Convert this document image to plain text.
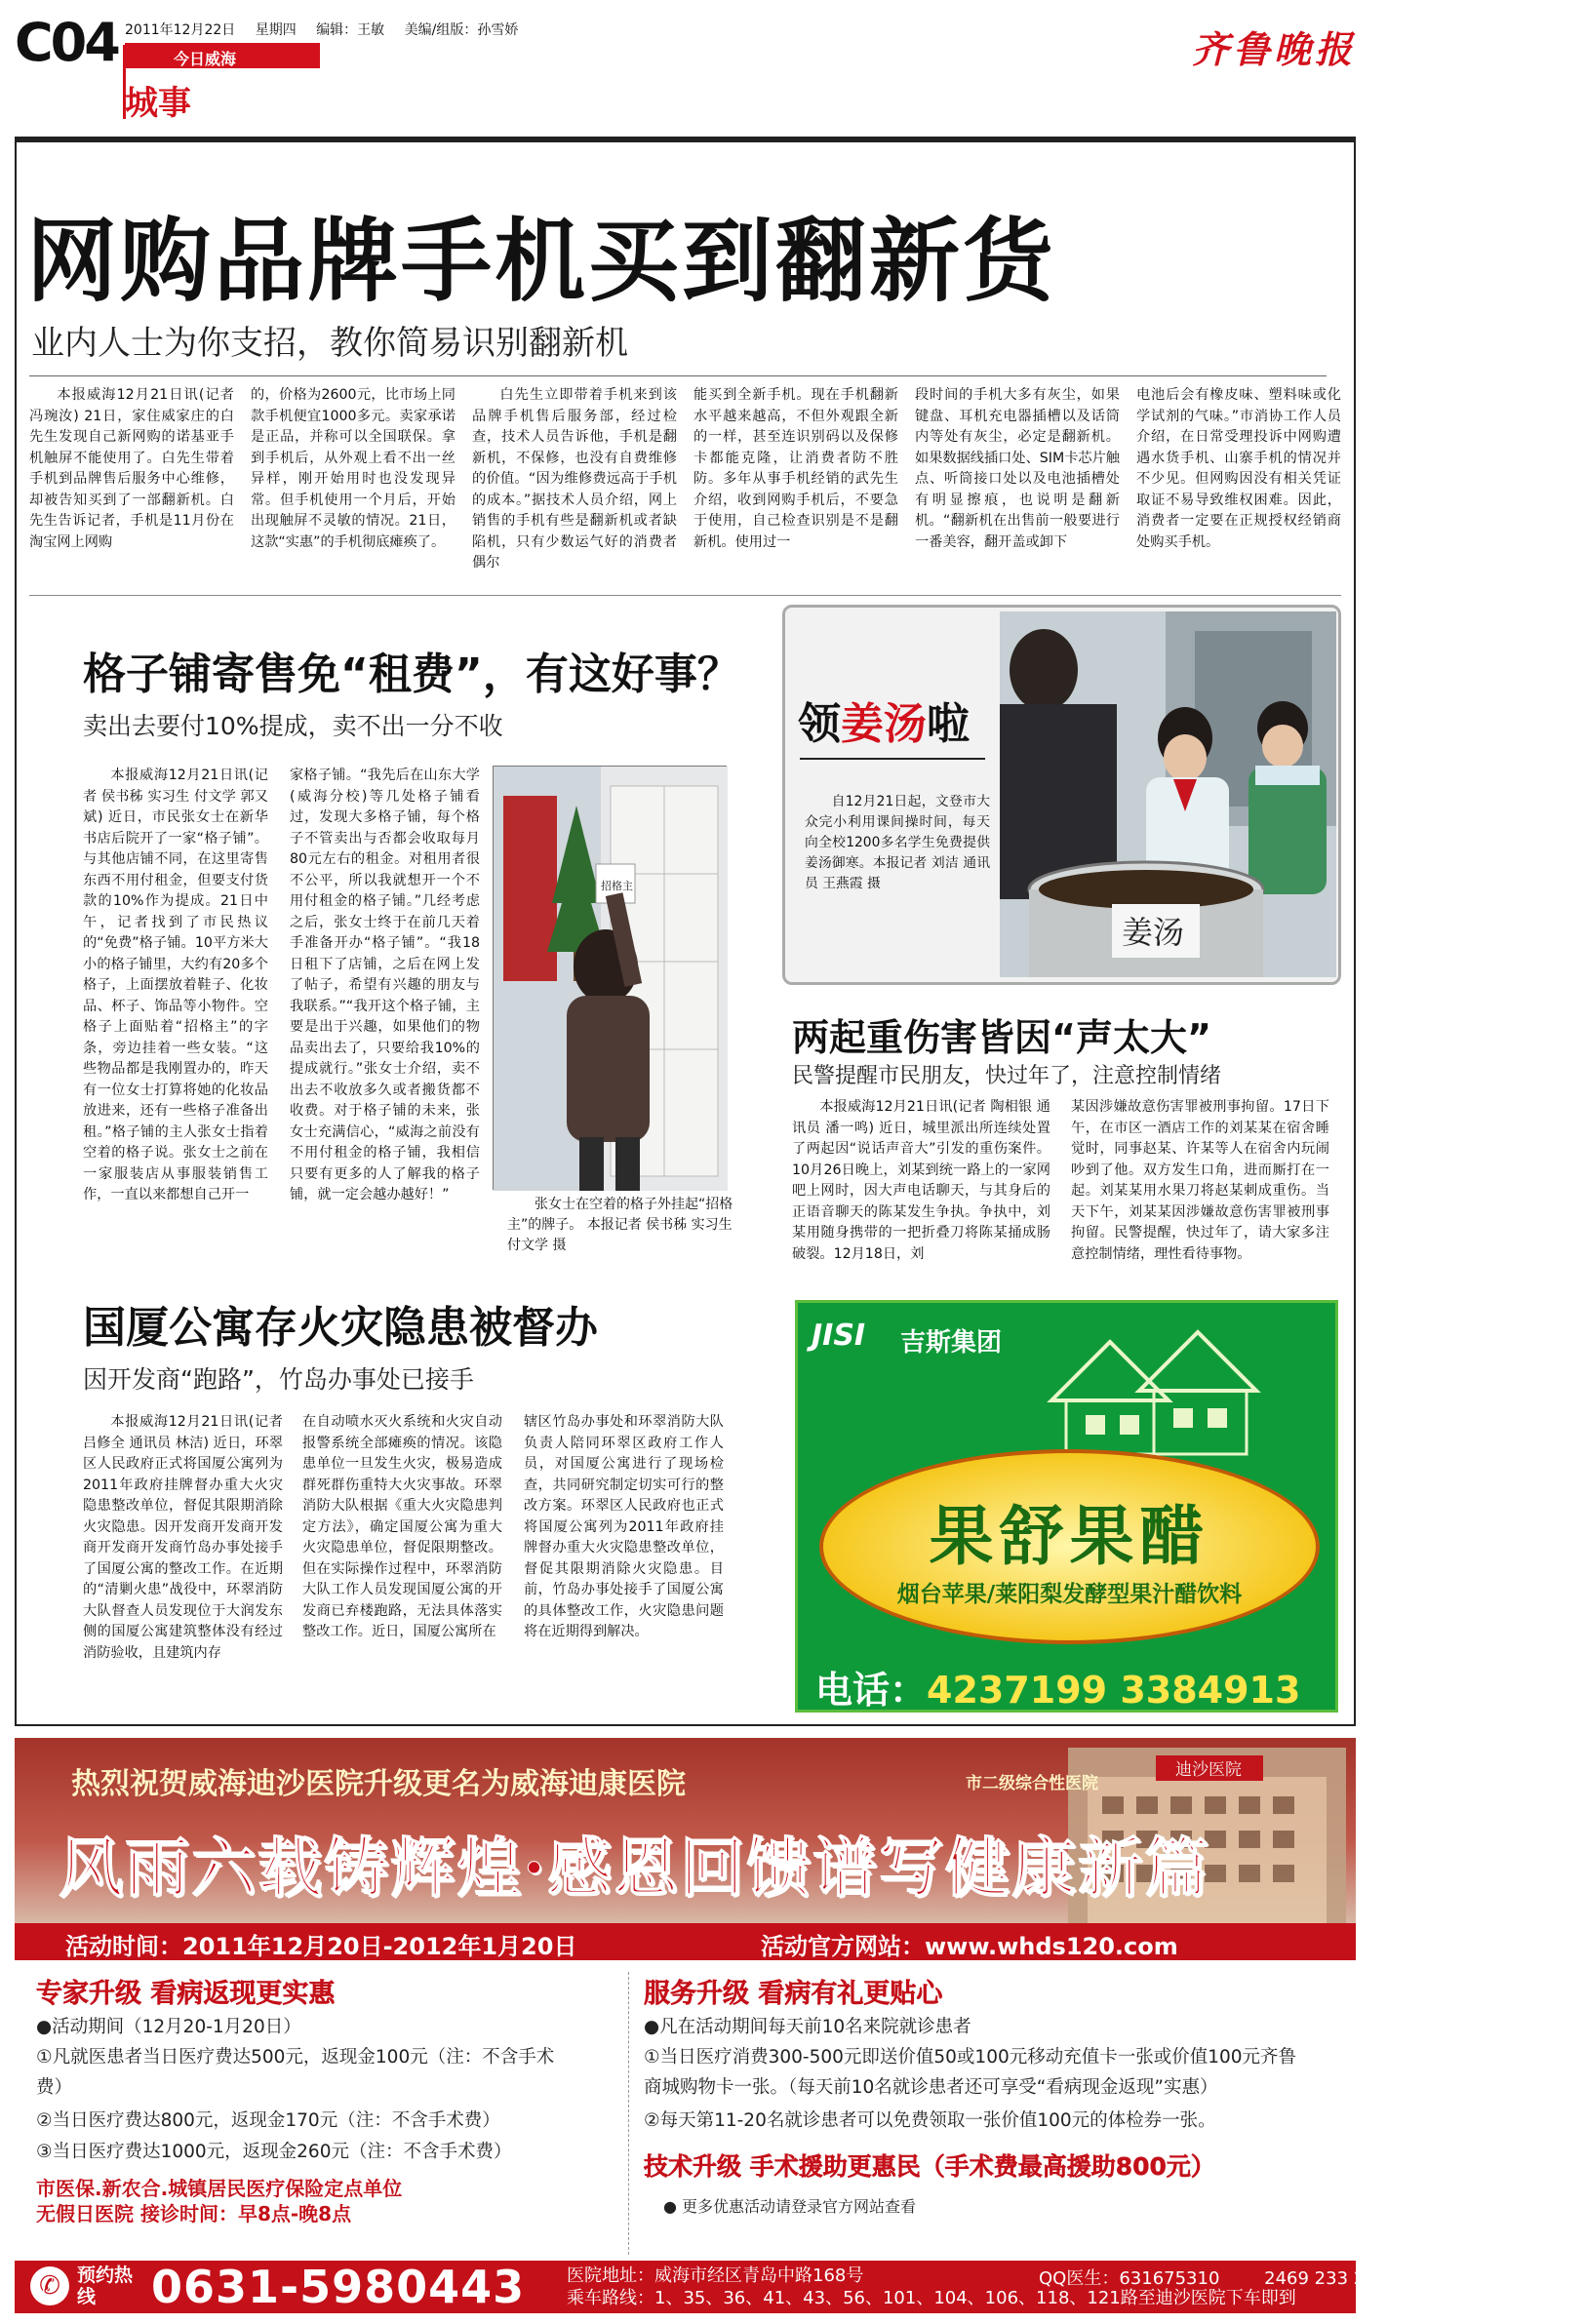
C04 2011年12月22日 星期四 编辑：王敏 美编/组版：孙雪娇
今日威海
城事
齐鲁晚报
网购品牌手机买到翻新货
业内人士为你支招，教你简易识别翻新机
本报威海12月21日讯(记者 冯琬汝) 21日，家住威家庄的白先生发现自己新网购的诺基亚手机触屏不能使用了。白先生带着手机到品牌售后服务中心维修，却被告知买到了一部翻新机。白先生告诉记者，手机是11月份在淘宝网上网购
的，价格为2600元，比市场上同款手机便宜1000多元。卖家承诺是正品，并称可以全国联保。拿到手机后，从外观上看不出一丝异样，刚开始用时也没发现异常。但手机使用一个月后，开始出现触屏不灵敏的情况。21日，这款“实惠”的手机彻底瘫痪了。
白先生立即带着手机来到该品牌手机售后服务部，经过检查，技术人员告诉他，手机是翻新机，不保修，也没有自费维修的价值。“因为维修费远高于手机的成本。”据技术人员介绍，网上销售的手机有些是翻新机或者缺陷机，只有少数运气好的消费者偶尔
能买到全新手机。现在手机翻新水平越来越高，不但外观跟全新的一样，甚至连识别码以及保修卡都能克隆，让消费者防不胜防。多年从事手机经销的武先生介绍，收到网购手机后，不要急于使用，自己检查识别是不是翻新机。使用过一
段时间的手机大多有灰尘，如果键盘、耳机充电器插槽以及话筒内等处有灰尘，必定是翻新机。如果数据线插口处、SIM卡芯片触点、听筒接口处以及电池插槽处有明显擦痕，也说明是翻新机。“翻新机在出售前一般要进行一番美容，翻开盖或卸下
电池后会有橡皮味、塑料味或化学试剂的气味。”市消协工作人员介绍，在日常受理投诉中网购遭遇水货手机、山寨手机的情况并不少见。但网购因没有相关凭证取证不易导致维权困难。因此，消费者一定要在正规授权经销商处购买手机。
格子铺寄售免“租费”，有这好事？
卖出去要付10%提成，卖不出一分不收
本报威海12月21日讯(记者 侯书秭 实习生 付文学 郭又斌) 近日，市民张女士在新华书店后院开了一家“格子铺”。与其他店铺不同，在这里寄售东西不用付租金，但要支付货款的10%作为提成。21日中午，记者找到了市民热议的“免费”格子铺。10平方米大小的格子铺里，大约有20多个格子，上面摆放着鞋子、化妆品、杯子、饰品等小物件。空格子上面贴着“招格主”的字条，旁边挂着一些女装。“这些物品都是我刚置办的，昨天有一位女士打算将她的化妆品放进来，还有一些格子准备出租。”格子铺的主人张女士指着空着的格子说。张女士之前在一家服装店从事服装销售工作，一直以来都想自己开一
家格子铺。“我先后在山东大学(威海分校)等几处格子铺看过，发现大多格子铺，每个格子不管卖出与否都会收取每月80元左右的租金。对租用者很不公平，所以我就想开一个不用付租金的格子铺。”几经考虑之后，张女士终于在前几天着手准备开办“格子铺”。“我18日租下了店铺，之后在网上发了帖子，希望有兴趣的朋友与我联系。”“我开这个格子铺，主要是出于兴趣，如果他们的物品卖出去了，只要给我10%的提成就行。”张女士介绍，卖不出去不收放多久或者搬货都不收费。对于格子铺的未来，张女士充满信心，“威海之前没有不用付租金的格子铺，我相信只要有更多的人了解我的格子铺，就一定会越办越好！”
招格主
张女士在空着的格子外挂起“招格主”的牌子。 本报记者 侯书秭 实习生 付文学 摄
领姜汤啦
自12月21日起，文登市大众完小利用课间操时间，每天向全校1200多名学生免费提供姜汤御寒。本报记者 刘洁 通讯员 王燕霞 摄
姜汤
两起重伤害皆因“声太大”
民警提醒市民朋友，快过年了，注意控制情绪
本报威海12月21日讯(记者 陶相银 通讯员 潘一鸣) 近日，城里派出所连续处置了两起因“说话声音大”引发的重伤案件。10月26日晚上，刘某到统一路上的一家网吧上网时，因大声电话聊天，与其身后的正语音聊天的陈某发生争执。争执中，刘某用随身携带的一把折叠刀将陈某捅成肠破裂。12月18日，刘
某因涉嫌故意伤害罪被刑事拘留。17日下午，在市区一酒店工作的刘某某在宿舍睡觉时，同事赵某、许某等人在宿舍内玩闹吵到了他。双方发生口角，进而厮打在一起。刘某某用水果刀将赵某刺成重伤。当天下午，刘某某因涉嫌故意伤害罪被刑事拘留。民警提醒，快过年了，请大家多注意控制情绪，理性看待事物。
国厦公寓存火灾隐患被督办
因开发商“跑路”，竹岛办事处已接手
本报威海12月21日讯(记者 吕修全 通讯员 林洁) 近日，环翠区人民政府正式将国厦公寓列为2011年政府挂牌督办重大火灾隐患整改单位，督促其限期消除火灾隐患。因开发商开发商开发商开发商开发商竹岛办事处接手了国厦公寓的整改工作。在近期的“清剿火患”战役中，环翠消防大队督查人员发现位于大润发东侧的国厦公寓建筑整体没有经过消防验收，且建筑内存
在自动喷水灭火系统和火灾自动报警系统全部瘫痪的情况。该隐患单位一旦发生火灾，极易造成群死群伤重特大火灾事故。环翠消防大队根据《重大火灾隐患判定方法》，确定国厦公寓为重大火灾隐患单位，督促限期整改。但在实际操作过程中，环翠消防大队工作人员发现国厦公寓的开发商已弃楼跑路，无法具体落实整改工作。近日，国厦公寓所在
辖区竹岛办事处和环翠消防大队负责人陪同环翠区政府工作人员，对国厦公寓进行了现场检查，共同研究制定切实可行的整改方案。环翠区人民政府也正式将国厦公寓列为2011年政府挂牌督办重大火灾隐患整改单位，督促其限期消除火灾隐患。目前，竹岛办事处接手了国厦公寓的具体整改工作，火灾隐患问题将在近期得到解决。
JISI 吉斯集团
果舒果醋
烟台苹果/莱阳梨发酵型果汁醋饮料
电话：4237199 3384913
迪沙医院
热烈祝贺威海迪沙医院升级更名为威海迪康医院	市二级综合性医院
风雨六载铸辉煌·感恩回馈谱写健康新篇
活动时间：2011年12月20日-2012年1月20日	活动官方网站：www.whds120.com
专家升级 看病返现更实惠
●活动期间（12月20-1月20日）
①凡就医患者当日医疗费达500元，返现金100元（注：不含手术
费）
②当日医疗费达800元，返现金170元（注：不含手术费）
③当日医疗费达1000元，返现金260元（注：不含手术费）
市医保.新农合.城镇居民医疗保险定点单位
无假日医院 接诊时间：早8点-晚8点
服务升级 看病有礼更贴心
●凡在活动期间每天前10名来院就诊患者
①当日医疗消费300-500元即送价值50或100元移动充值卡一张或价值100元齐鲁
商城购物卡一张。（每天前10名就诊患者还可享受“看病现金返现”实惠）
②每天第11-20名就诊患者可以免费领取一张价值100元的体检券一张。
技术升级 手术援助更惠民（手术费最高援助800元）
● 更多优惠活动请登录官方网站查看
✆ 预约热线	0631-5980443 医院地址：威海市经区青岛中路168号
乘车路线：1、35、36、41、43、56、101、104、106、118、121路至迪沙医院下车即到
QQ医生：631675310	2469 233 229
